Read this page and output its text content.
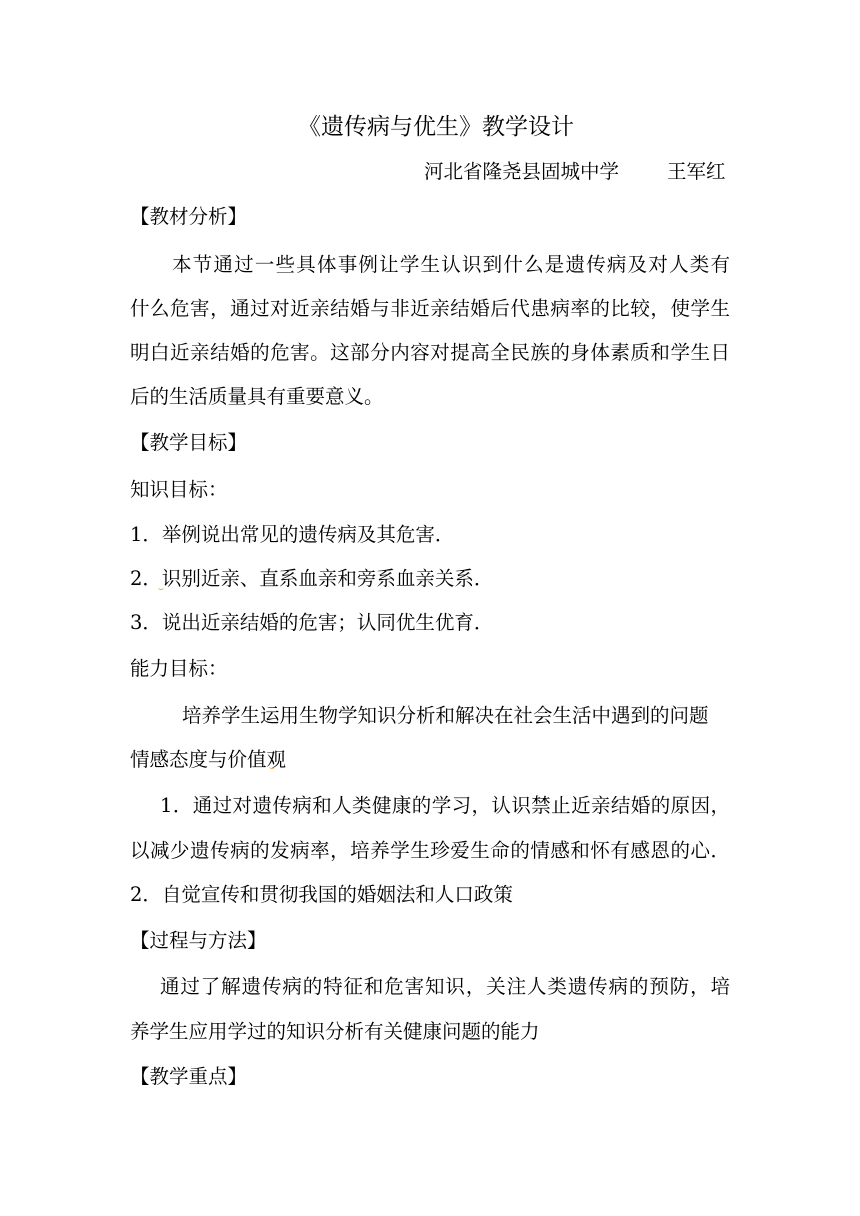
《遗传病与优生》教学设计
河北省隆尧县固城中学 王军红
【教材分析】
本节通过一些具体事例让学生认识到什么是遗传病及对人类有
什么危害，通过对近亲结婚与非近亲结婚后代患病率的比较，使学生
明白近亲结婚的危害。这部分内容对提高全民族的身体素质和学生日
后的生活质量具有重要意义。
【教学目标】
知识目标：
1．举例说出常见的遗传病及其危害．
2．识别近亲、直系血亲和旁系血亲关系．
3．说出近亲结婚的危害；认同优生优育．
能力目标：
培养学生运用生物学知识分析和解决在社会生活中遇到的问题
情感态度与价值观
1．通过对遗传病和人类健康的学习，认识禁止近亲结婚的原因，
以减少遗传病的发病率，培养学生珍爱生命的情感和怀有感恩的心．
2．自觉宣传和贯彻我国的婚姻法和人口政策
【过程与方法】
通过了解遗传病的特征和危害知识，关注人类遗传病的预防，培
养学生应用学过的知识分析有关健康问题的能力
【教学重点】
